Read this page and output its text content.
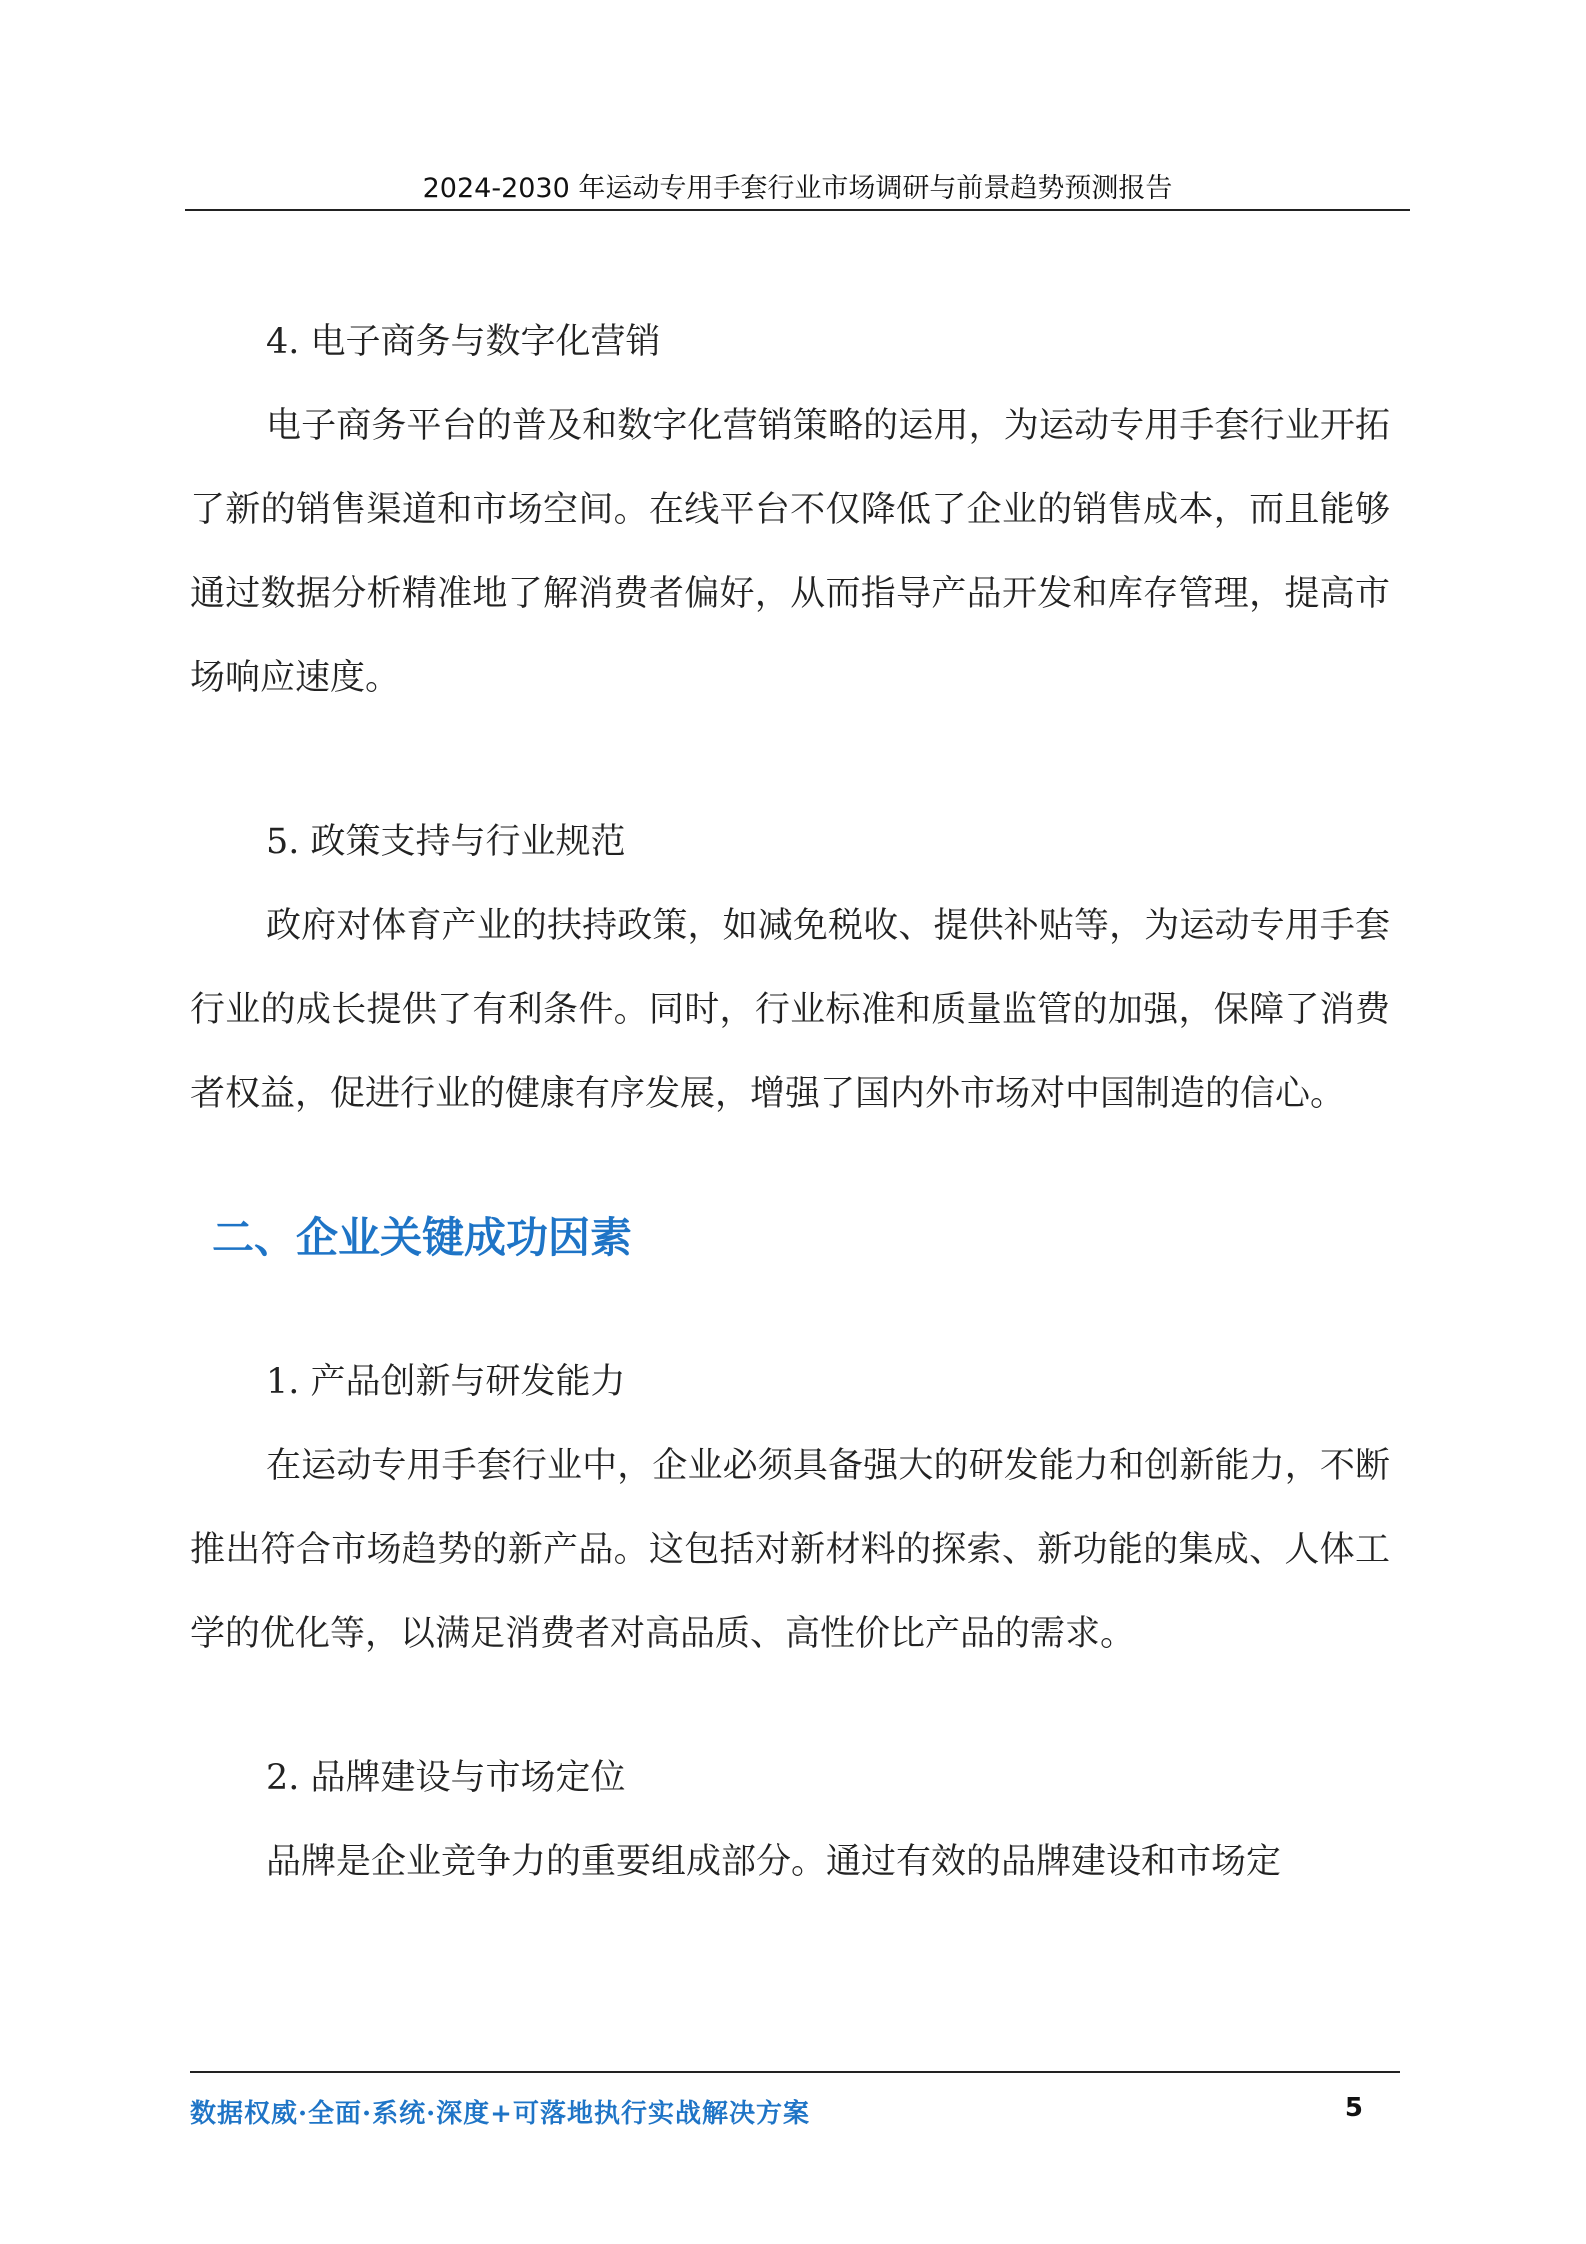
2024-2030 年运动专用手套行业市场调研与前景趋势预测报告

4. 电子商务与数字化营销

电子商务平台的普及和数字化营销策略的运用，为运动专用手套行业开拓了新的销售渠道和市场空间。在线平台不仅降低了企业的销售成本，而且能够通过数据分析精准地了解消费者偏好，从而指导产品开发和库存管理，提高市场响应速度。

5. 政策支持与行业规范

政府对体育产业的扶持政策，如减免税收、提供补贴等，为运动专用手套行业的成长提供了有利条件。同时，行业标准和质量监管的加强，保障了消费者权益，促进行业的健康有序发展，增强了国内外市场对中国制造的信心。

二、企业关键成功因素

1. 产品创新与研发能力

在运动专用手套行业中，企业必须具备强大的研发能力和创新能力，不断推出符合市场趋势的新产品。这包括对新材料的探索、新功能的集成、人体工学的优化等，以满足消费者对高品质、高性价比产品的需求。

2. 品牌建设与市场定位

品牌是企业竞争力的重要组成部分。通过有效的品牌建设和市场定

数据权威·全面·系统·深度+可落地执行实战解决方案	5
